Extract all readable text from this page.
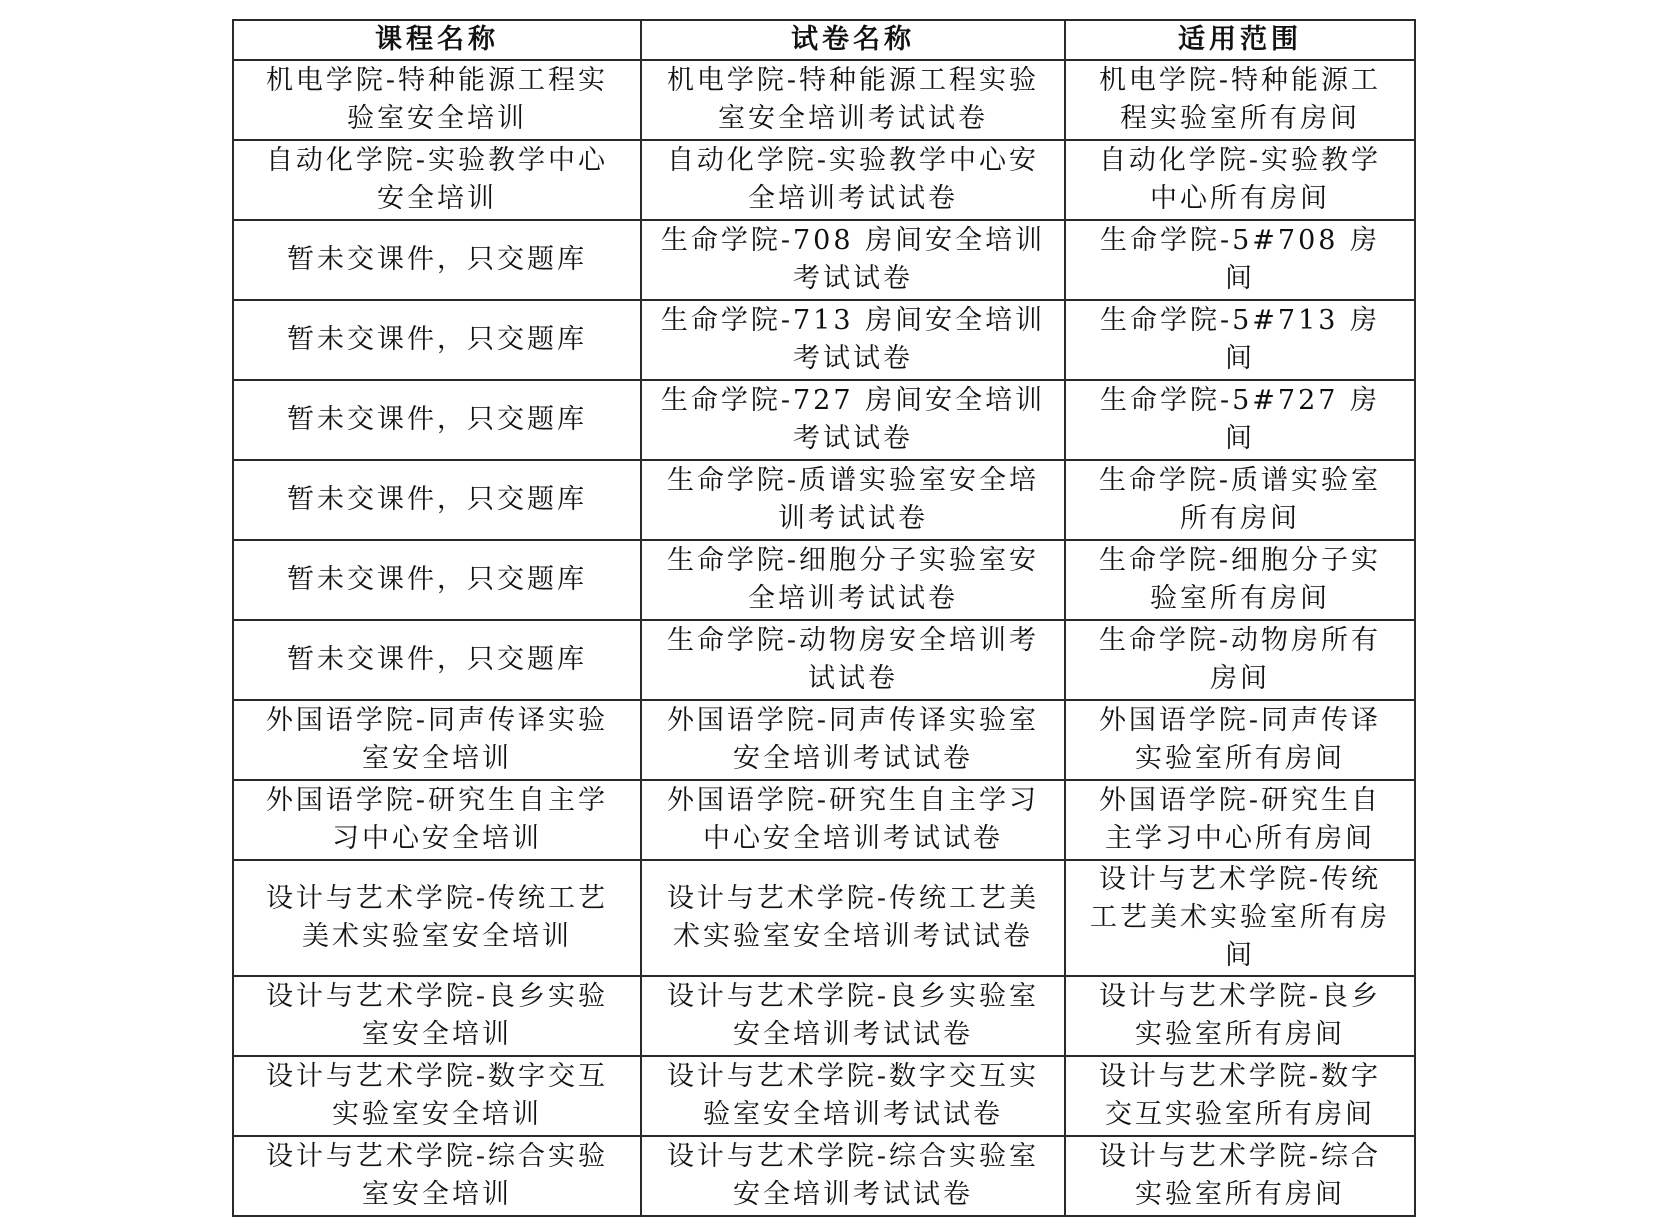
课程名称	试卷名称	适用范围
机电学院-特种能源工程实验室安全培训	机电学院-特种能源工程实验室安全培训考试试卷	机电学院-特种能源工程实验室所有房间
自动化学院-实验教学中心安全培训	自动化学院-实验教学中心安全培训考试试卷	自动化学院-实验教学中心所有房间
暂未交课件，只交题库	生命学院-708 房间安全培训考试试卷	生命学院-5#708 房间
暂未交课件，只交题库	生命学院-713 房间安全培训考试试卷	生命学院-5#713 房间
暂未交课件，只交题库	生命学院-727 房间安全培训考试试卷	生命学院-5#727 房间
暂未交课件，只交题库	生命学院-质谱实验室安全培训考试试卷	生命学院-质谱实验室所有房间
暂未交课件，只交题库	生命学院-细胞分子实验室安全培训考试试卷	生命学院-细胞分子实验室所有房间
暂未交课件，只交题库	生命学院-动物房安全培训考试试卷	生命学院-动物房所有房间
外国语学院-同声传译实验室安全培训	外国语学院-同声传译实验室安全培训考试试卷	外国语学院-同声传译实验室所有房间
外国语学院-研究生自主学习中心安全培训	外国语学院-研究生自主学习中心安全培训考试试卷	外国语学院-研究生自主学习中心所有房间
设计与艺术学院-传统工艺美术实验室安全培训	设计与艺术学院-传统工艺美术实验室安全培训考试试卷	设计与艺术学院-传统工艺美术实验室所有房间
设计与艺术学院-良乡实验室安全培训	设计与艺术学院-良乡实验室安全培训考试试卷	设计与艺术学院-良乡实验室所有房间
设计与艺术学院-数字交互实验室安全培训	设计与艺术学院-数字交互实验室安全培训考试试卷	设计与艺术学院-数字交互实验室所有房间
设计与艺术学院-综合实验室安全培训	设计与艺术学院-综合实验室安全培训考试试卷	设计与艺术学院-综合实验室所有房间
